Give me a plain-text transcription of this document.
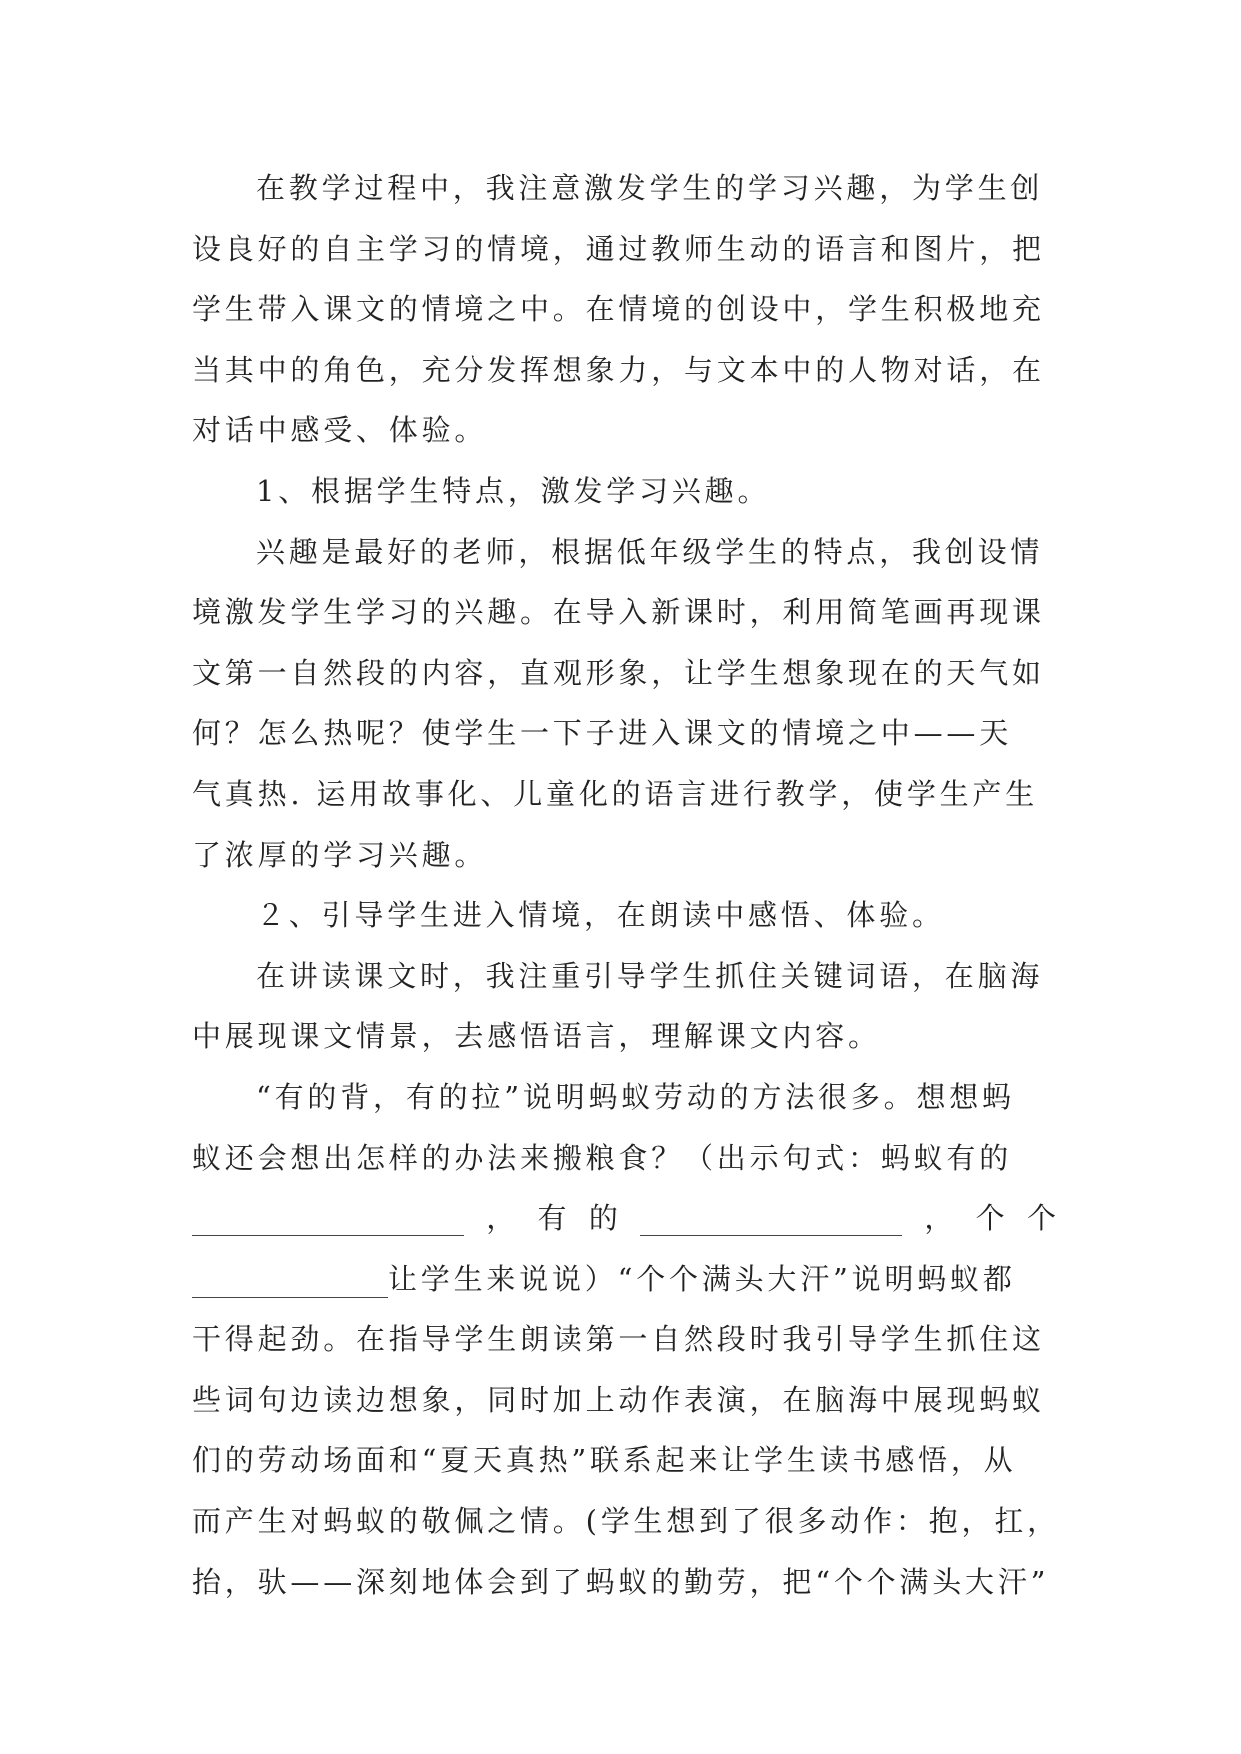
在教学过程中，我注意激发学生的学习兴趣，为学生创
设良好的自主学习的情境，通过教师生动的语言和图片，把
学生带入课文的情境之中。在情境的创设中，学生积极地充
当其中的角色，充分发挥想象力，与文本中的人物对话，在
对话中感受、体验。
1、根据学生特点，激发学习兴趣。
兴趣是最好的老师，根据低年级学生的特点，我创设情
境激发学生学习的兴趣。在导入新课时，利用简笔画再现课
文第一自然段的内容，直观形象，让学生想象现在的天气如
何？怎么热呢？使学生一下子进入课文的情境之中——天
气真热. 运用故事化、儿童化的语言进行教学，使学生产生
了浓厚的学习兴趣。
２、引导学生进入情境，在朗读中感悟、体验。
在讲读课文时，我注重引导学生抓住关键词语，在脑海
中展现课文情景，去感悟语言，理解课文内容。
“有的背，有的拉”说明蚂蚁劳动的方法很多。想想蚂
蚁还会想出怎样的办法来搬粮食？（出示句式：蚂蚁有的
， 有 的	， 个 个
让学生来说说）“个个满头大汗”说明蚂蚁都
干得起劲。在指导学生朗读第一自然段时我引导学生抓住这
些词句边读边想象，同时加上动作表演，在脑海中展现蚂蚁
们的劳动场面和“夏天真热”联系起来让学生读书感悟，从
而产生对蚂蚁的敬佩之情。(学生想到了很多动作：抱，扛，
抬，驮——深刻地体会到了蚂蚁的勤劳，把“个个满头大汗”
